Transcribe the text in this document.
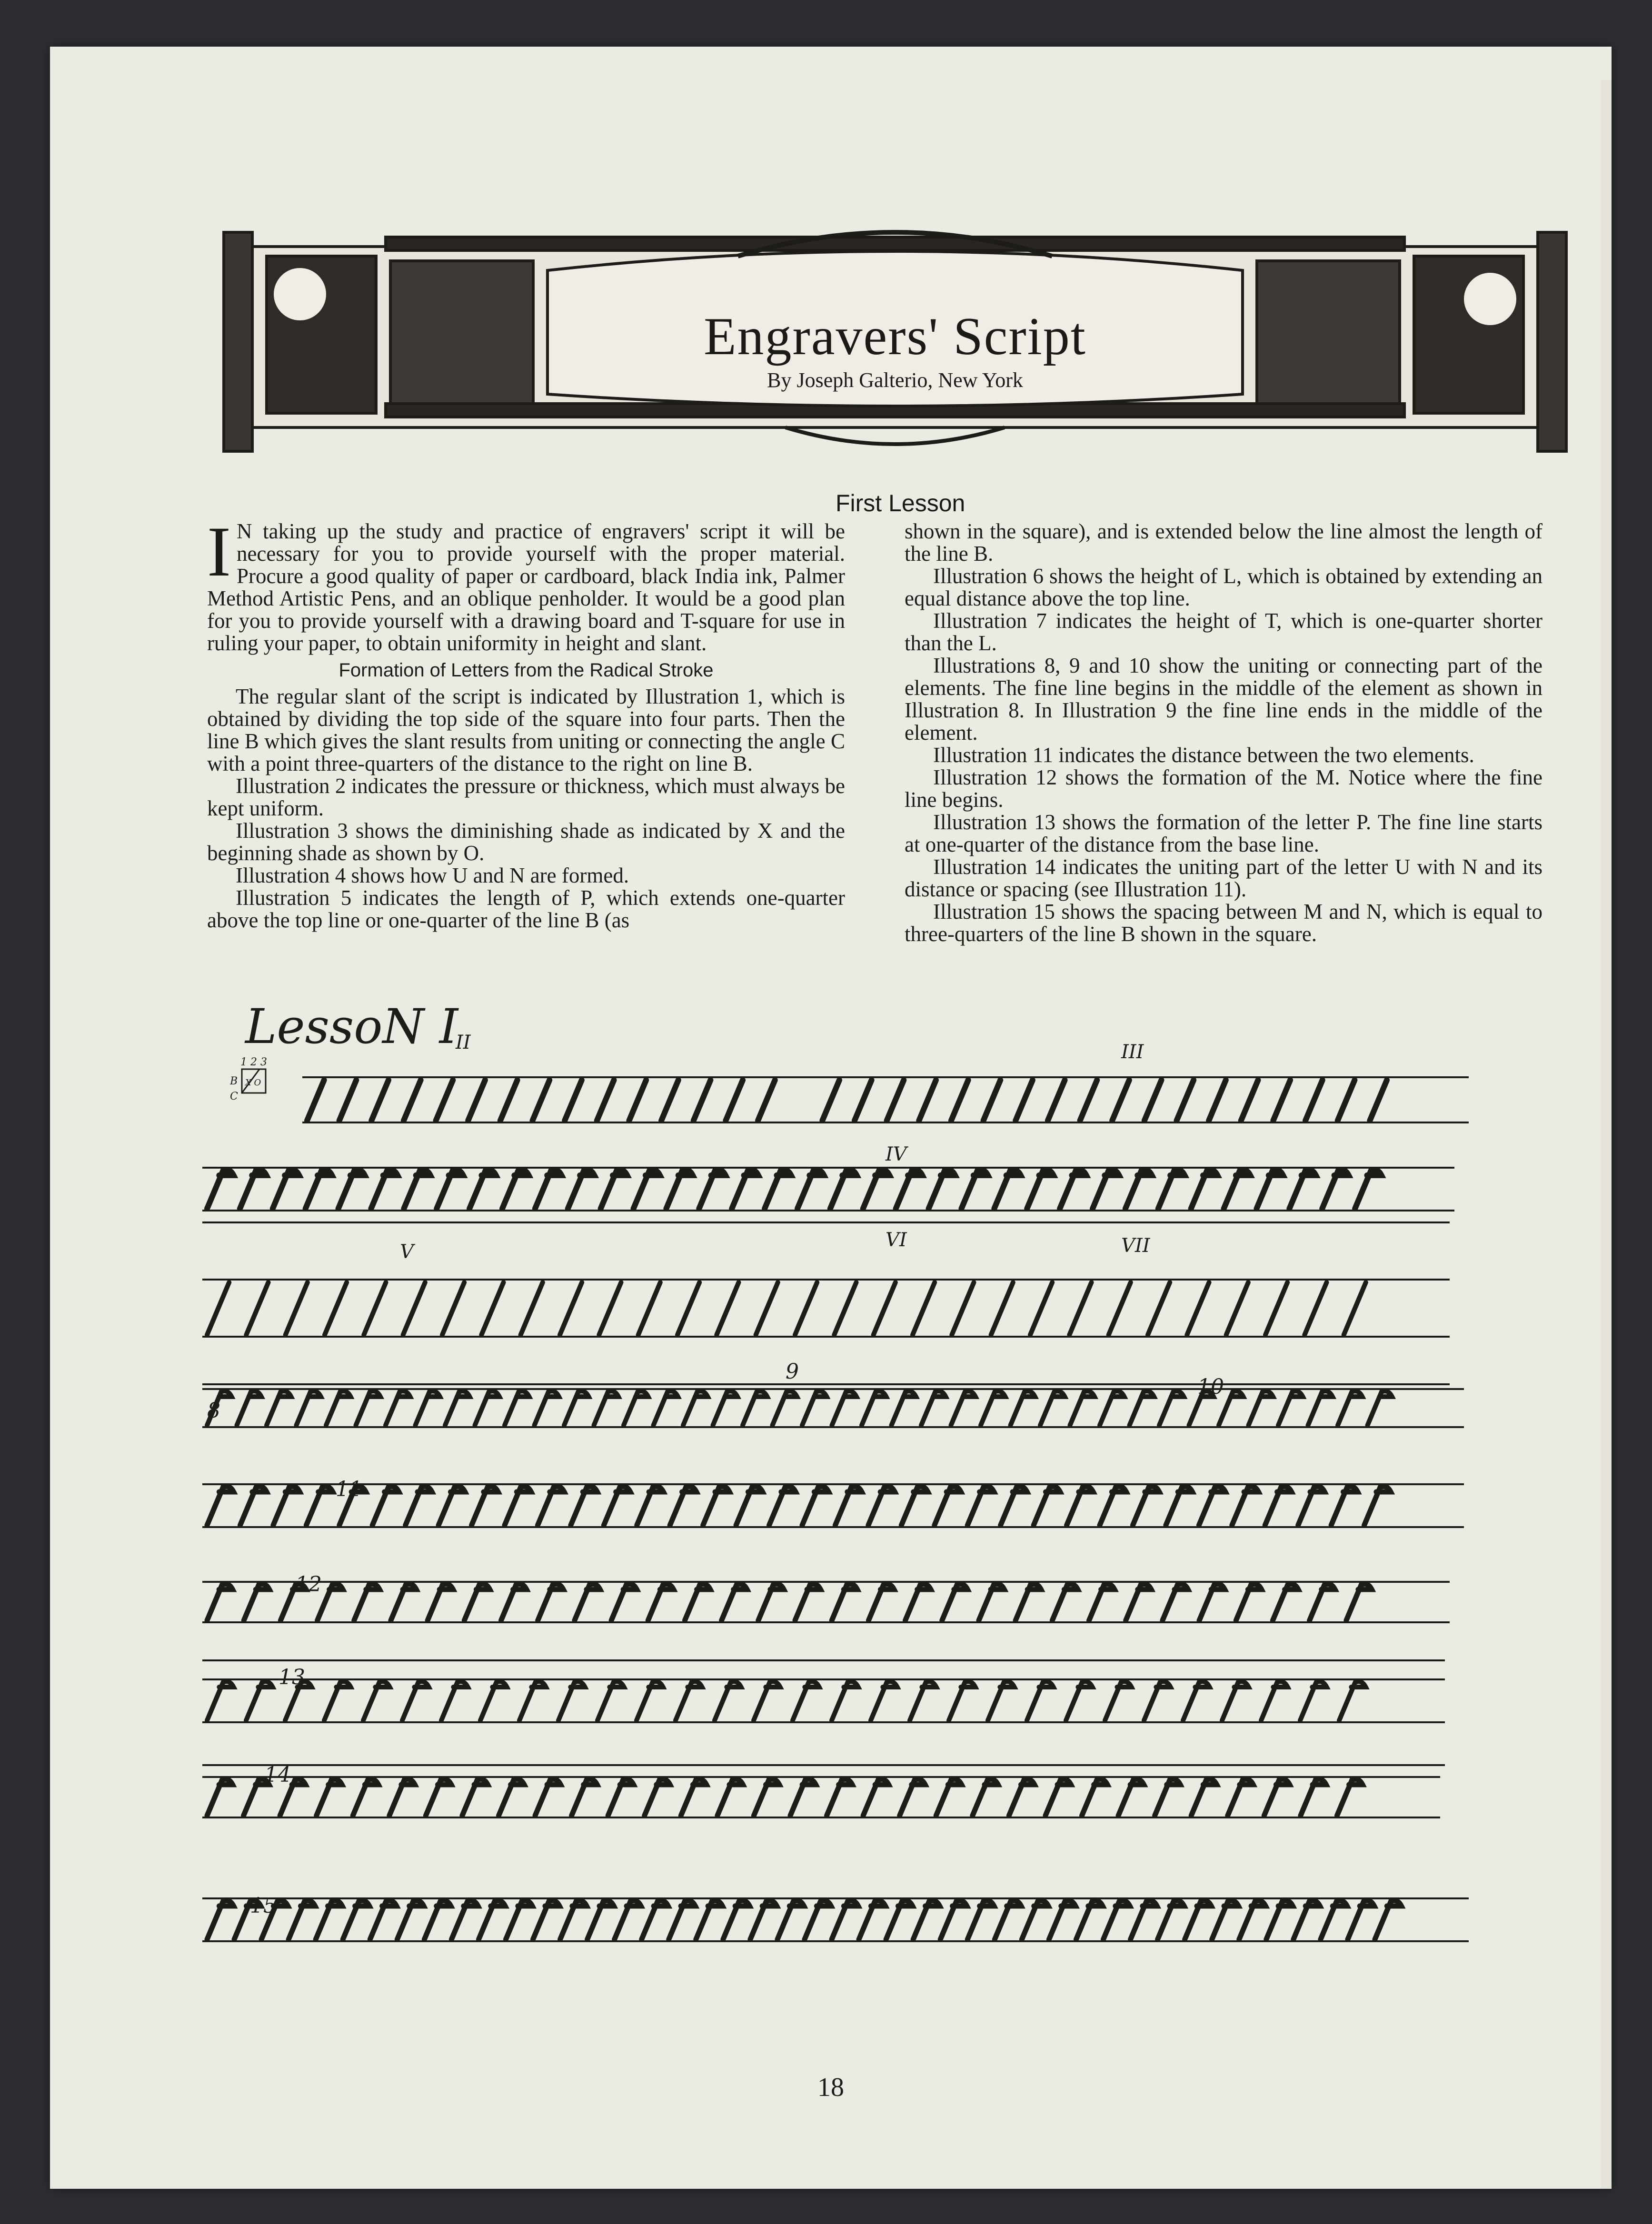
Engravers' Script
By Joseph Galterio, New York
First Lesson

I N taking up the study and practice of engravers' script it will be necessary for you to provide yourself with the proper material. Procure a good quality of paper or cardboard, black India ink, Palmer Method Artistic Pens, and an oblique penholder. It would be a good plan for you to provide yourself with a drawing board and T-square for use in ruling your paper, to obtain uniformity in height and slant.

Formation of Letters from the Radical Stroke

The regular slant of the script is indicated by Illustration 1, which is obtained by dividing the top side of the square into four parts. Then the line B which gives the slant results from uniting or connecting the angle C with a point three-quarters of the distance to the right on line B.

Illustration 2 indicates the pressure or thickness, which must always be kept uniform.

Illustration 3 shows the diminishing shade as indicated by X and the beginning shade as shown by O.

Illustration 4 shows how U and N are formed.

Illustration 5 indicates the length of P, which extends one-quarter above the top line or one-quarter of the line B (as

shown in the square), and is extended below the line almost the length of the line B.

Illustration 6 shows the height of L, which is obtained by extending an equal distance above the top line.

Illustration 7 indicates the height of T, which is one-quarter shorter than the L.

Illustrations 8, 9 and 10 show the uniting or connecting part of the elements. The fine line begins in the middle of the element as shown in Illustration 8. In Illustration 9 the fine line ends in the middle of the element.

Illustration 11 indicates the distance between the two elements.

Illustration 12 shows the formation of the M. Notice where the fine line begins.

Illustration 13 shows the formation of the letter P. The fine line starts at one-quarter of the distance from the base line.

Illustration 14 indicates the uniting part of the letter U with N and its distance or spacing (see Illustration 11).

Illustration 15 shows the spacing between M and N, which is equal to three-quarters of the line B shown in the square.

LessoN I
1 2 3
B
C
X O
II	III
IV
V
VI	VII
8
9
10
11
12
13
14
15
18
